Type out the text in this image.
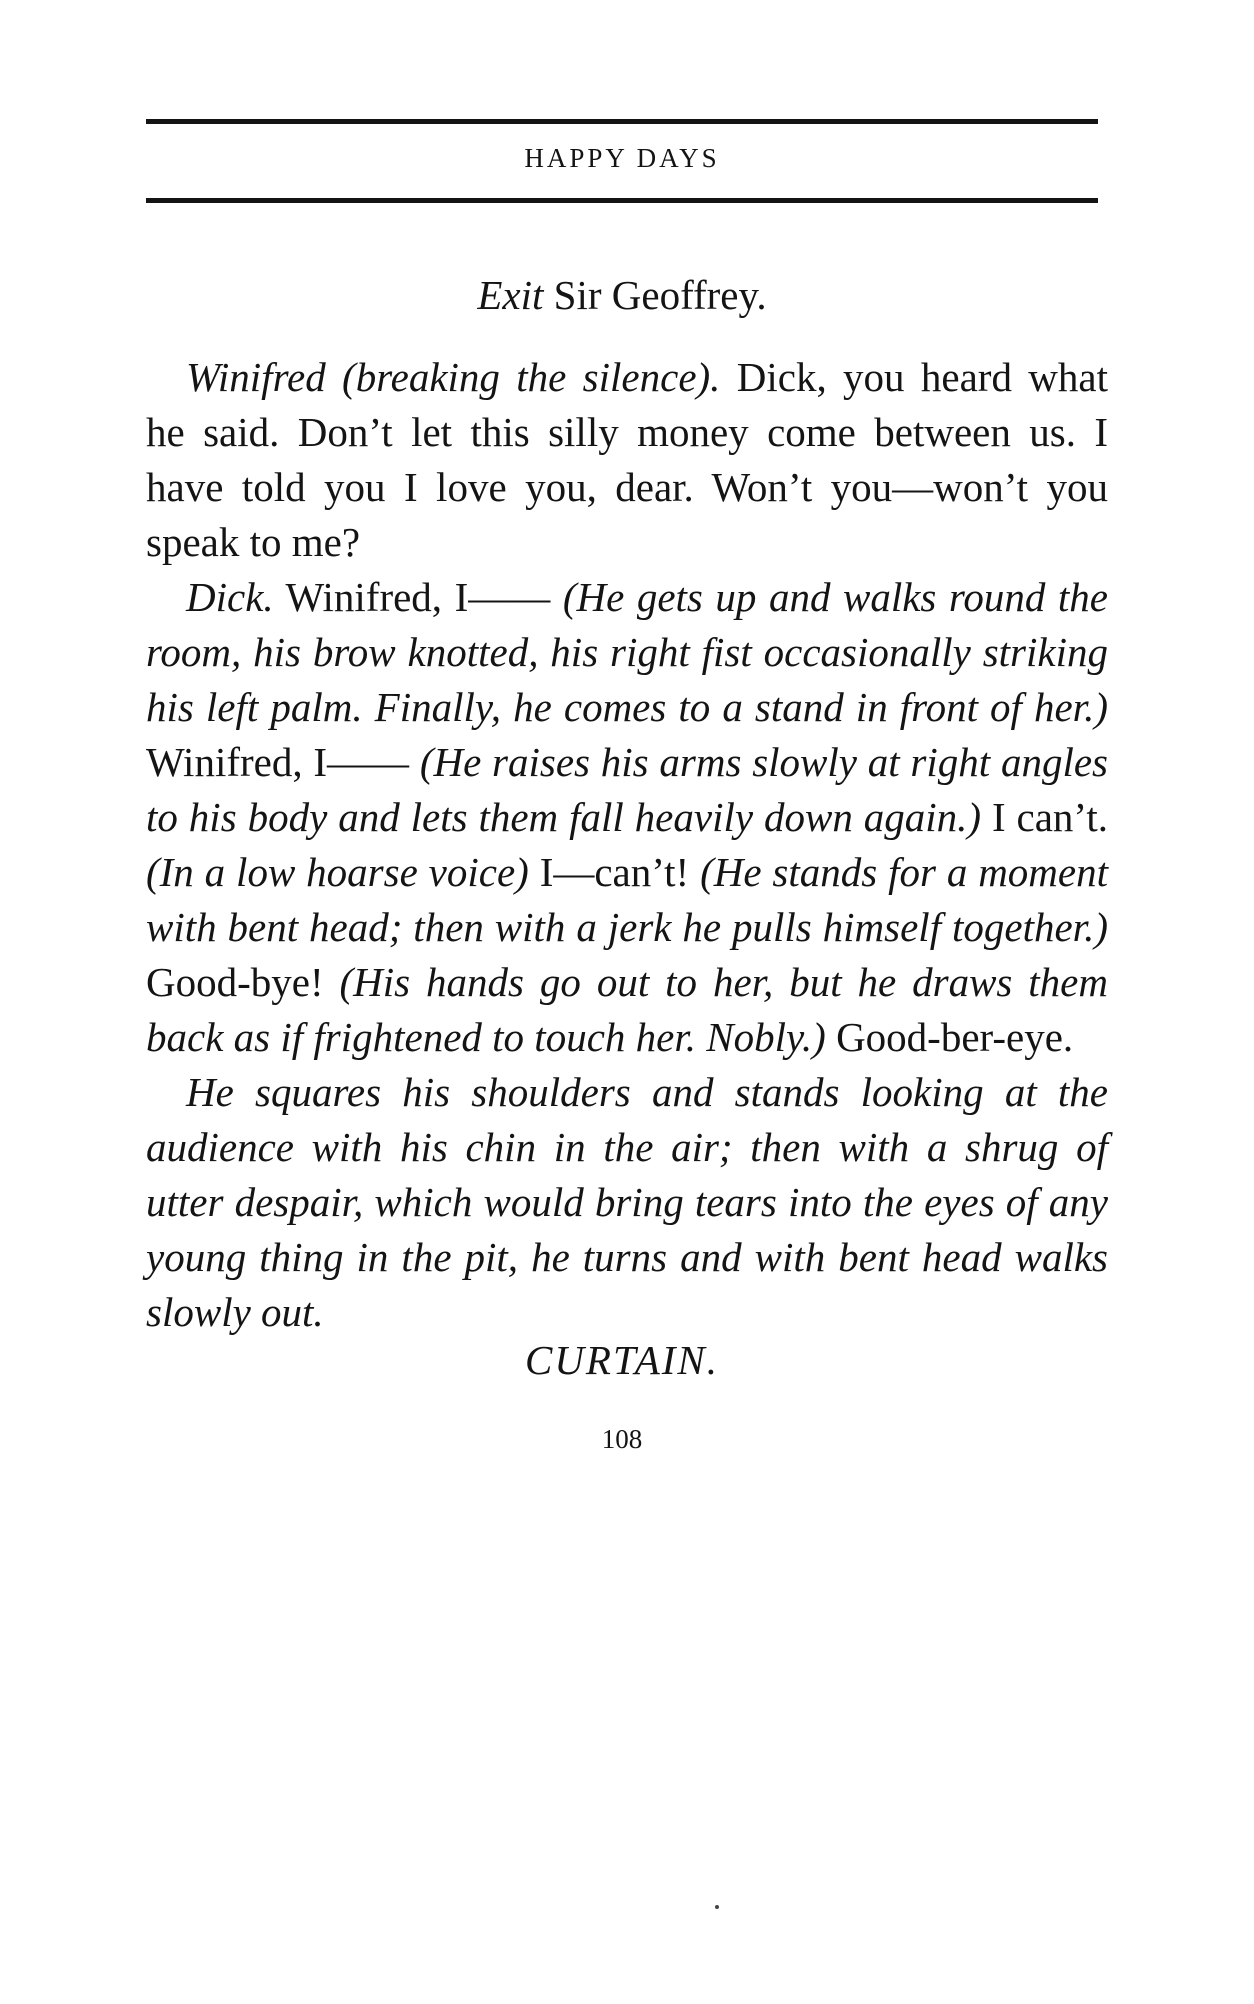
HAPPY DAYS
Exit Sir Geoffrey.

Winifred (breaking the silence). Dick, you heard what he said. Don’t let this silly money come between us. I have told you I love you, dear. Won’t you—won’t you speak to me?

Dick. Winifred, I—— (He gets up and walks round the room, his brow knotted, his right fist occasionally striking his left palm. Finally, he comes to a stand in front of her.) Winifred, I—— (He raises his arms slowly at right angles to his body and lets them fall heavily down again.) I can’t. (In a low hoarse voice) I—can’t! (He stands for a moment with bent head; then with a jerk he pulls himself together.) Good-bye! (His hands go out to her, but he draws them back as if frightened to touch her. Nobly.) Good-ber-eye.

He squares his shoulders and stands looking at the audience with his chin in the air; then with a shrug of utter despair, which would bring tears into the eyes of any young thing in the pit, he turns and with bent head walks slowly out.

CURTAIN.
108
